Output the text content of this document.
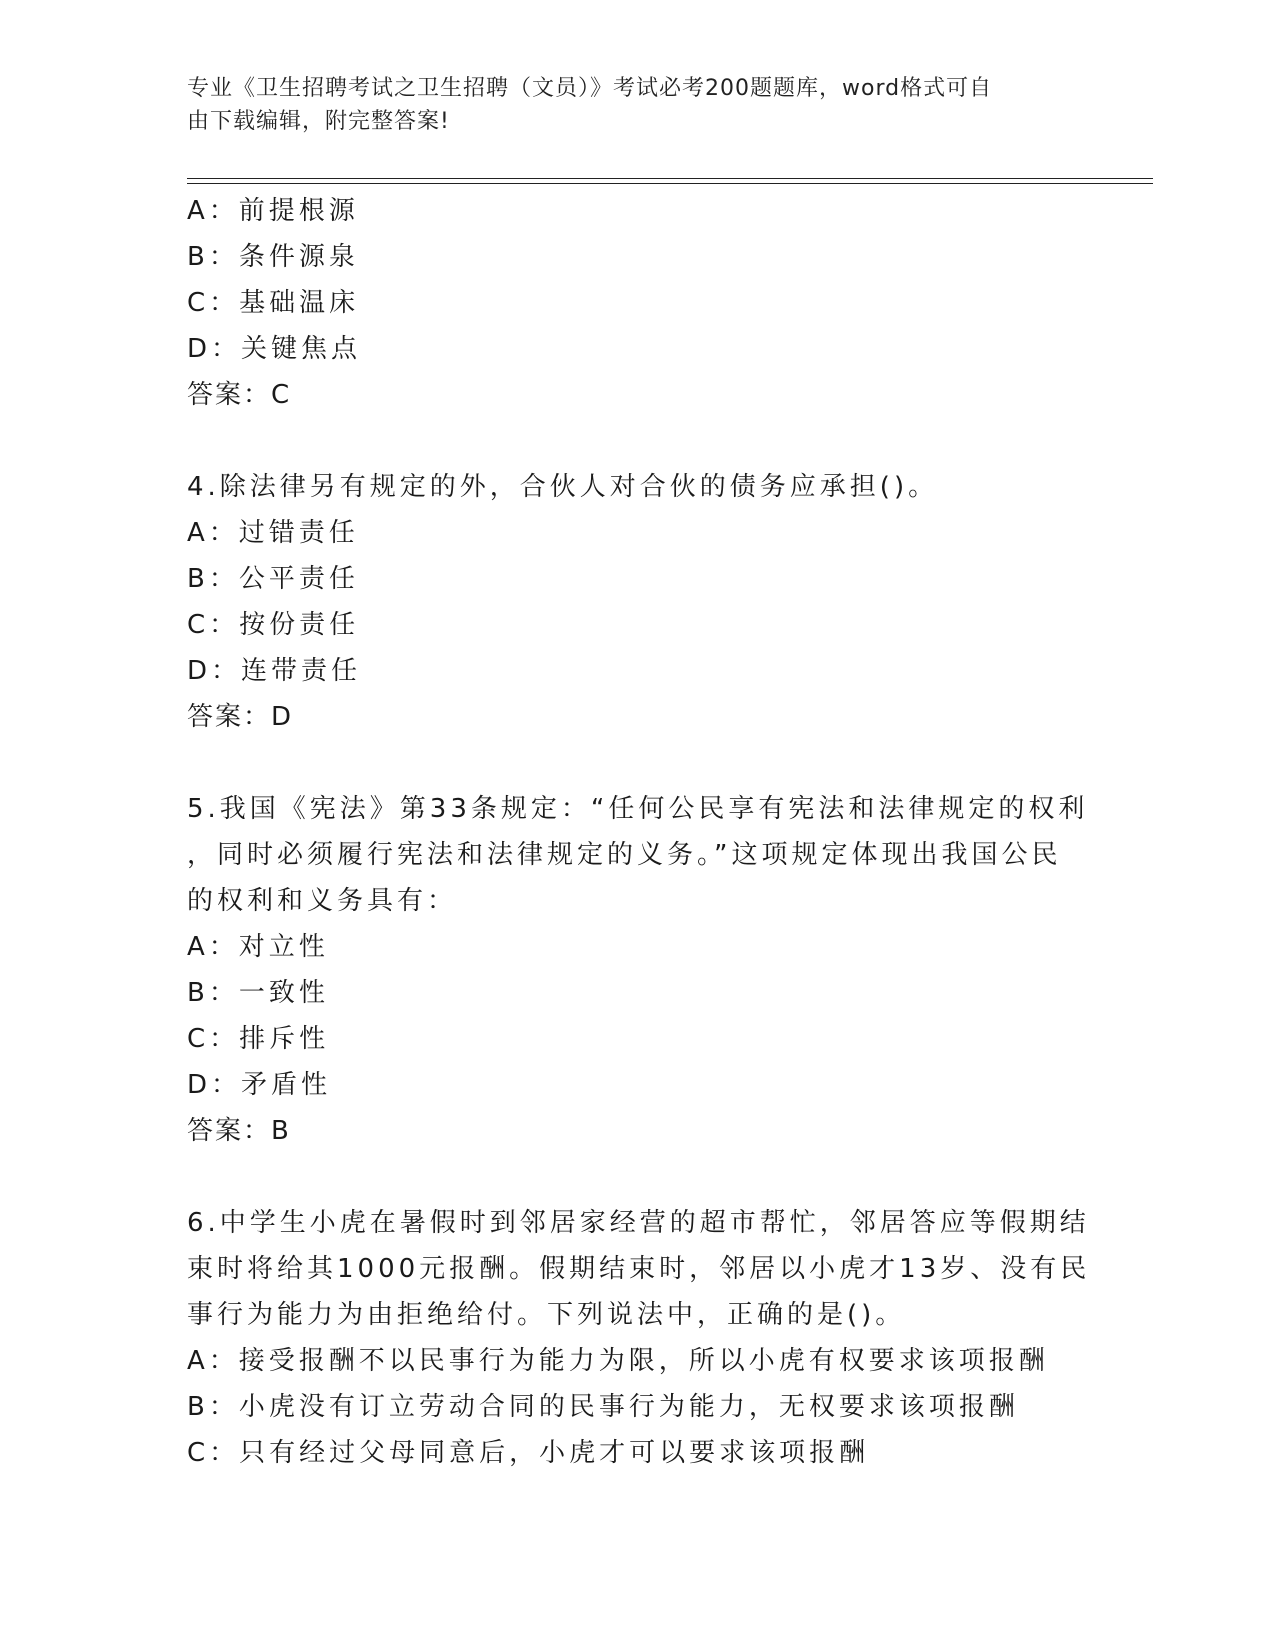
专业《卫生招聘考试之卫生招聘（文员）》考试必考200题题库，word格式可自
由下载编辑，附完整答案!
A：前提根源
B：条件源泉
C：基础温床
D：关键焦点
答案：C
4.除法律另有规定的外，合伙人对合伙的债务应承担()。
A：过错责任
B：公平责任
C：按份责任
D：连带责任
答案：D
5.我国《宪法》第33条规定：“任何公民享有宪法和法律规定的权利
，同时必须履行宪法和法律规定的义务。”这项规定体现出我国公民
的权利和义务具有：
A：对立性
B：一致性
C：排斥性
D：矛盾性
答案：B
6.中学生小虎在暑假时到邻居家经营的超市帮忙，邻居答应等假期结
束时将给其1000元报酬。假期结束时，邻居以小虎才13岁、没有民
事行为能力为由拒绝给付。下列说法中，正确的是()。
A：接受报酬不以民事行为能力为限，所以小虎有权要求该项报酬
B：小虎没有订立劳动合同的民事行为能力，无权要求该项报酬
C：只有经过父母同意后，小虎才可以要求该项报酬
